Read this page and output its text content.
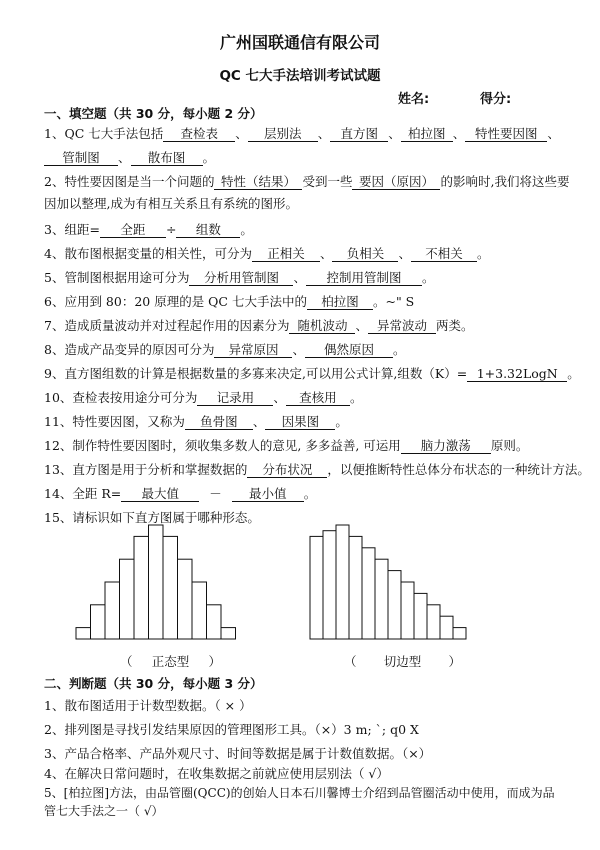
广州国联通信有限公司
QC 七大手法培训考试试题
姓名:	得分:
一、填空题（共 30 分，每小题 2 分）
1、QC 七大手法包括 查检表 、 层别法 、 直方图 、 柏拉图 、 特性要因图 、
管制图 、 散布图 。
2、特性要因图是当一个问题的 特性（结果） 受到一些 要因（原因） 的影响时,我们将这些要
因加以整理,成为有相互关系且有系统的图形。
3、组距= 全距 ÷ 组数 。
4、散布图根据变量的相关性，可分为 正相关 、 负相关 、 不相关 。
5、管制图根据用途可分为 分析用管制图 、 控制用管制图 。
6、应用到 80：20 原理的是 QC 七大手法中的 柏拉图 。~" S
7、造成质量波动并对过程起作用的因素分为 随机波动 、 异常波动 两类。
8、造成产品变异的原因可分为 异常原因 、 偶然原因 。
9、直方图组数的计算是根据数量的多寡来决定,可以用公式计算,组数（K）= 1+3.32LogN 。
10、查检表按用途分可分为 记录用 、 查核用 。
11、特性要因图，又称为 鱼骨图 、 因果图 。
12、制作特性要因图时，须收集多数人的意见, 多多益善, 可运用 脑力激荡 原则。
13、直方图是用于分析和掌握数据的 分布状况 ，以便推断特性总体分布状态的一种统计方法。
14、全距 R= 最大值 － 最小值 。
15、请标识如下直方图属于哪种形态。
（ 正态型 ）	（ 切边型 ）
二、判断题（共 30 分，每小题 3 分）
1、散布图适用于计数型数据。（ × ）
2、排列图是寻找引发结果原因的管理图形工具。（×）3 m; `; q0 X
3、产品合格率、产品外观尺寸、时间等数据是属于计数值数据。（×）
4、在解决日常问题时，在收集数据之前就应使用层别法（ √）
5、[柏拉图]方法，由品管圈(QCC)的创始人日本石川馨博士介绍到品管圈活动中使用，而成为品
管七大手法之一（ √）
